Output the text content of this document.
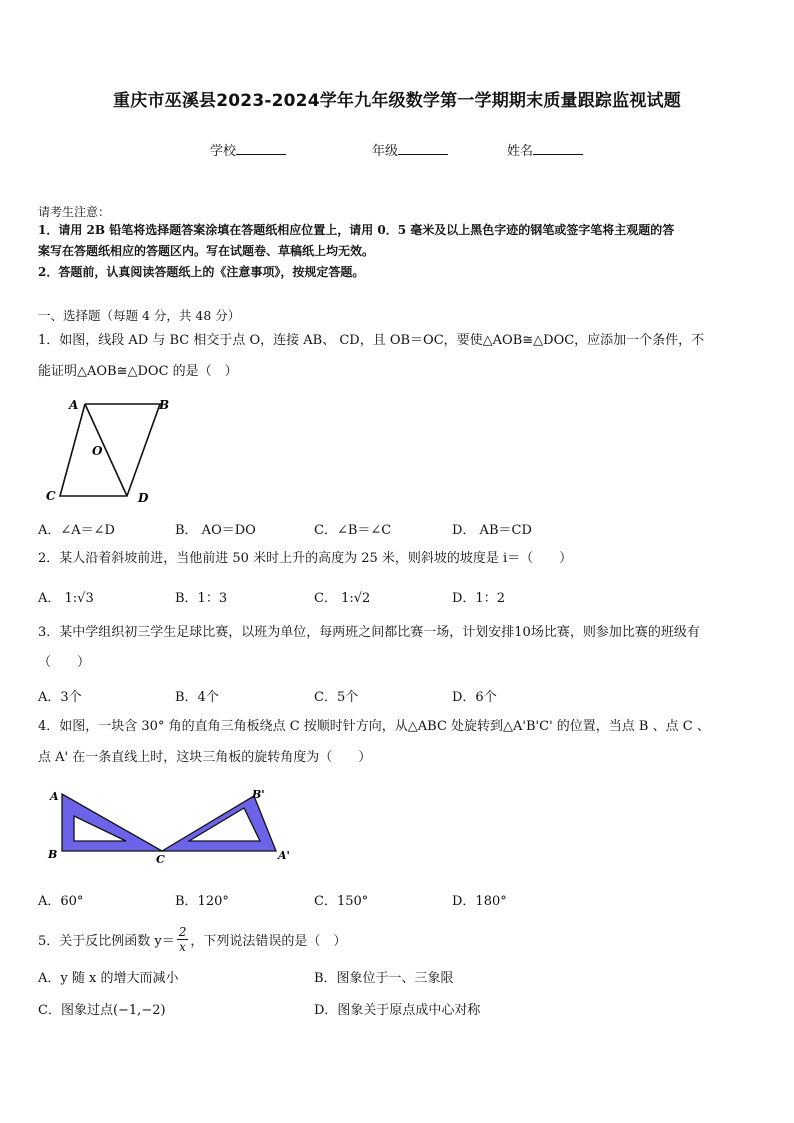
重庆市巫溪县2023-2024学年九年级数学第一学期期末质量跟踪监视试题
学校	年级	姓名
请考生注意：
1．请用 2B 铅笔将选择题答案涂填在答题纸相应位置上，请用 0．5 毫米及以上黑色字迹的钢笔或签字笔将主观题的答
案写在答题纸相应的答题区内。写在试题卷、草稿纸上均无效。
2．答题前，认真阅读答题纸上的《注意事项》，按规定答题。
一、选择题（每题 4 分，共 48 分）
1．如图，线段 AD 与 BC 相交于点 O，连接 AB、 CD，且 OB＝OC，要使△AOB≅△DOC，应添加一个条件，不
能证明△AOB≅△DOC 的是（　）
A	B
O
C	D
A．∠A＝∠D	B． AO＝DO	C．∠B＝∠C	D． AB＝CD
2．某人沿着斜坡前进，当他前进 50 米时上升的高度为 25 米，则斜坡的坡度是 i＝（　　）
A． 1:√3	B．1：3	C． 1:√2	D．1：2
3．某中学组织初三学生足球比赛，以班为单位，每两班之间都比赛一场，计划安排10场比赛，则参加比赛的班级有
（　　）
A．3个	B．4个	C．5个	D．6个
4．如图，一块含 30° 角的直角三角板绕点 C 按顺时针方向，从△ABC 处旋转到△A'B'C' 的位置，当点 B 、点 C 、
点 A' 在一条直线上时，这块三角板的旋转角度为（　　）
A
B	C
B'
A'
A．60°	B．120°	C．150°	D．180°
5．关于反比例函数 $y= \frac{2}{x}$ ，下列说法错误的是（　）
A．y 随 x 的增大而减小	B．图象位于一、三象限
C．图象过点(−1,−2)	D．图象关于原点成中心对称
